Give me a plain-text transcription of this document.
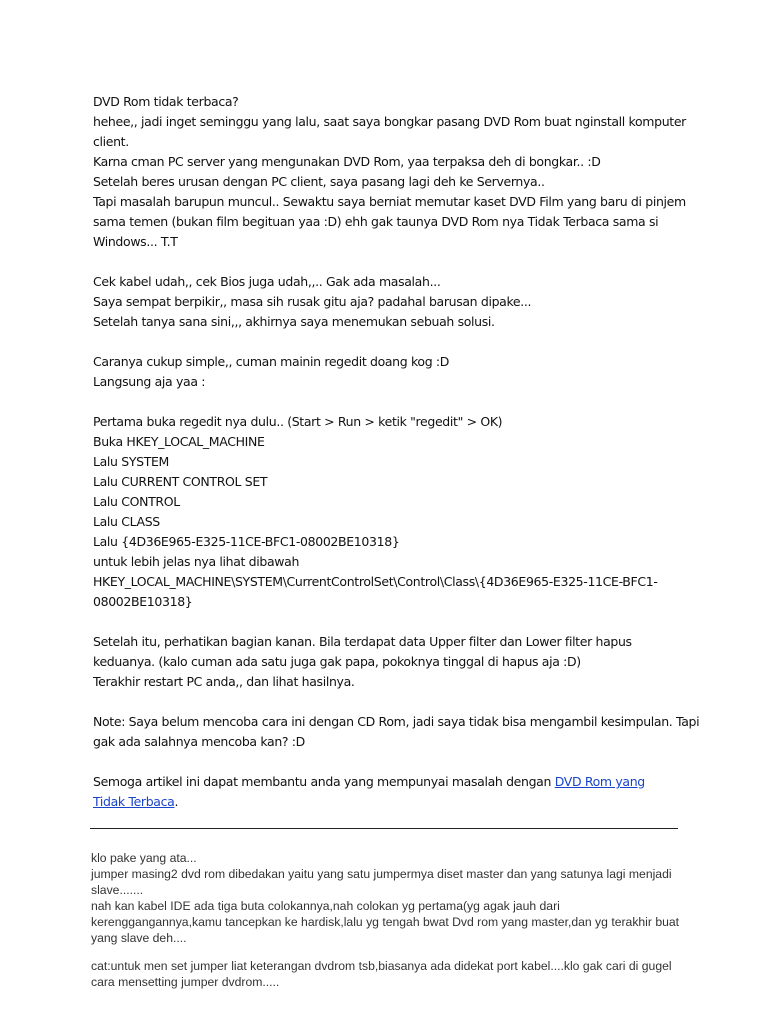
DVD Rom tidak terbaca?
hehee,, jadi inget seminggu yang lalu, saat saya bongkar pasang DVD Rom buat nginstall komputer
client.
Karna cman PC server yang mengunakan DVD Rom, yaa terpaksa deh di bongkar.. :D
Setelah beres urusan dengan PC client, saya pasang lagi deh ke Servernya..
Tapi masalah barupun muncul.. Sewaktu saya berniat memutar kaset DVD Film yang baru di pinjem
sama temen (bukan film begituan yaa :D) ehh gak taunya DVD Rom nya Tidak Terbaca sama si
Windows... T.T
Cek kabel udah,, cek Bios juga udah,,.. Gak ada masalah...
Saya sempat berpikir,, masa sih rusak gitu aja? padahal barusan dipake...
Setelah tanya sana sini,,, akhirnya saya menemukan sebuah solusi.
Caranya cukup simple,, cuman mainin regedit doang kog :D
Langsung aja yaa :
Pertama buka regedit nya dulu.. (Start > Run > ketik "regedit" > OK)
Buka HKEY_LOCAL_MACHINE
Lalu SYSTEM
Lalu CURRENT CONTROL SET
Lalu CONTROL
Lalu CLASS
Lalu {4D36E965-E325-11CE-BFC1-08002BE10318}
untuk lebih jelas nya lihat dibawah
HKEY_LOCAL_MACHINE\SYSTEM\CurrentControlSet\Control\Class\{4D36E965-E325-11CE-BFC1-
08002BE10318}
Setelah itu, perhatikan bagian kanan. Bila terdapat data Upper filter dan Lower filter hapus
keduanya. (kalo cuman ada satu juga gak papa, pokoknya tinggal di hapus aja :D)
Terakhir restart PC anda,, dan lihat hasilnya.
Note: Saya belum mencoba cara ini dengan CD Rom, jadi saya tidak bisa mengambil kesimpulan. Tapi
gak ada salahnya mencoba kan? :D
Semoga artikel ini dapat membantu anda yang mempunyai masalah dengan DVD Rom yang Tidak Terbaca.
klo pake yang ata...
jumper masing2 dvd rom dibedakan yaitu yang satu jumpermya diset master dan yang satunya lagi menjadi slave.......
nah kan kabel IDE ada tiga buta colokannya,nah colokan yg pertama(yg agak jauh dari kerenggangannya,kamu tancepkan ke hardisk,lalu yg tengah bwat Dvd rom yang master,dan yg terakhir buat yang slave deh....
cat:untuk men set jumper liat keterangan dvdrom tsb,biasanya ada didekat port kabel....klo gak cari di gugel cara mensetting jumper dvdrom.....
